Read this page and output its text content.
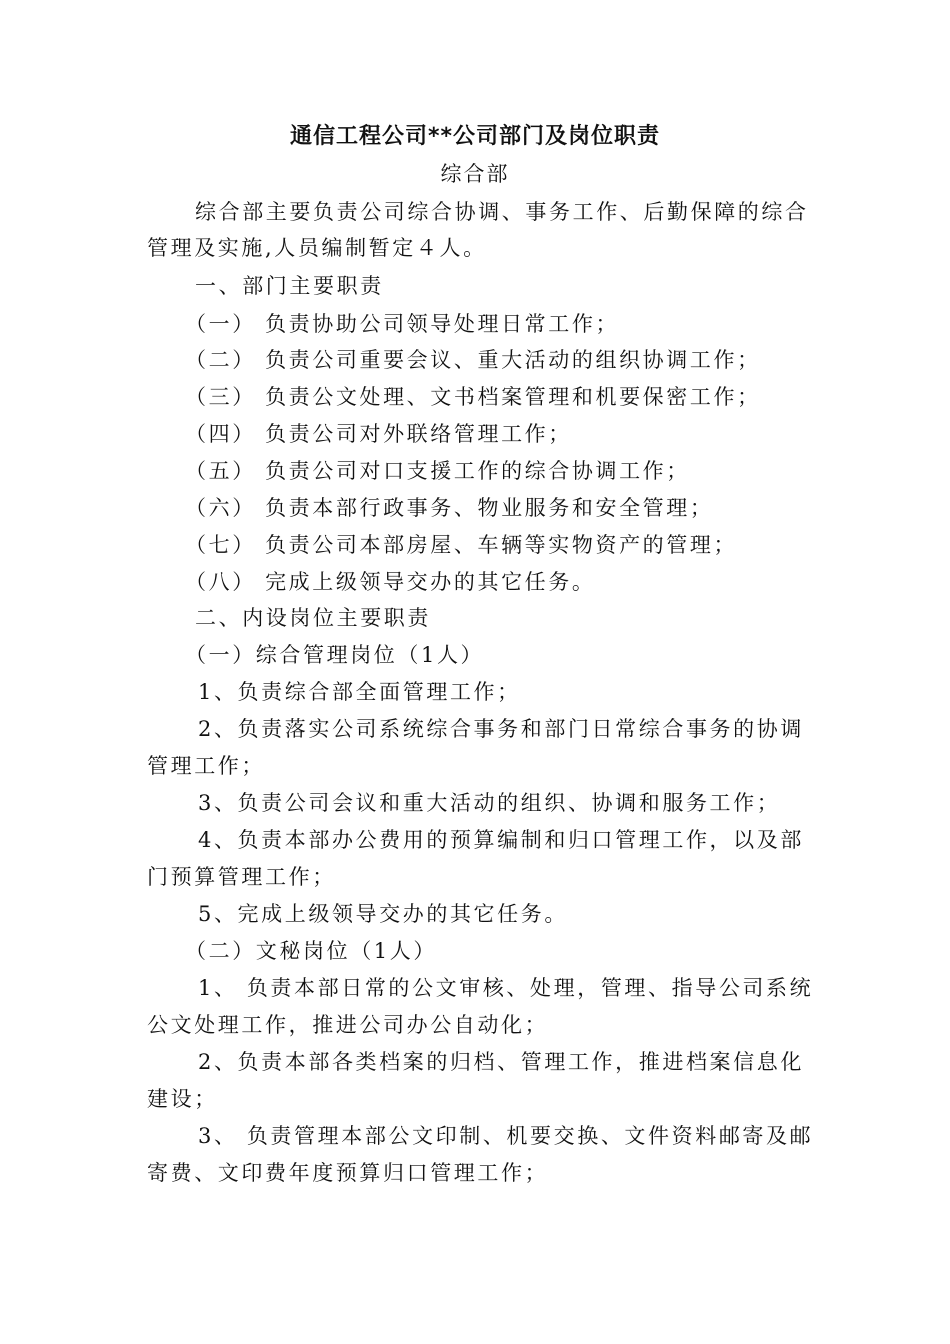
通信工程公司**公司部门及岗位职责
综合部
综合部主要负责公司综合协调、事务工作、后勤保障的综合
管理及实施,人员编制暂定４人。
一、部门主要职责
（一） 负责协助公司领导处理日常工作；
（二） 负责公司重要会议、重大活动的组织协调工作；
（三） 负责公文处理、文书档案管理和机要保密工作；
（四） 负责公司对外联络管理工作；
（五） 负责公司对口支援工作的综合协调工作；
（六） 负责本部行政事务、物业服务和安全管理；
（七） 负责公司本部房屋、车辆等实物资产的管理；
（八） 完成上级领导交办的其它任务。
二、内设岗位主要职责
（一）综合管理岗位（1人）
1、负责综合部全面管理工作；
2、负责落实公司系统综合事务和部门日常综合事务的协调
管理工作；
3、负责公司会议和重大活动的组织、协调和服务工作；
4、负责本部办公费用的预算编制和归口管理工作，以及部
门预算管理工作；
5、完成上级领导交办的其它任务。
（二）文秘岗位（1人）
1、 负责本部日常的公文审核、处理，管理、指导公司系统
公文处理工作，推进公司办公自动化；
2、负责本部各类档案的归档、管理工作，推进档案信息化
建设；
3、 负责管理本部公文印制、机要交换、文件资料邮寄及邮
寄费、文印费年度预算归口管理工作；
